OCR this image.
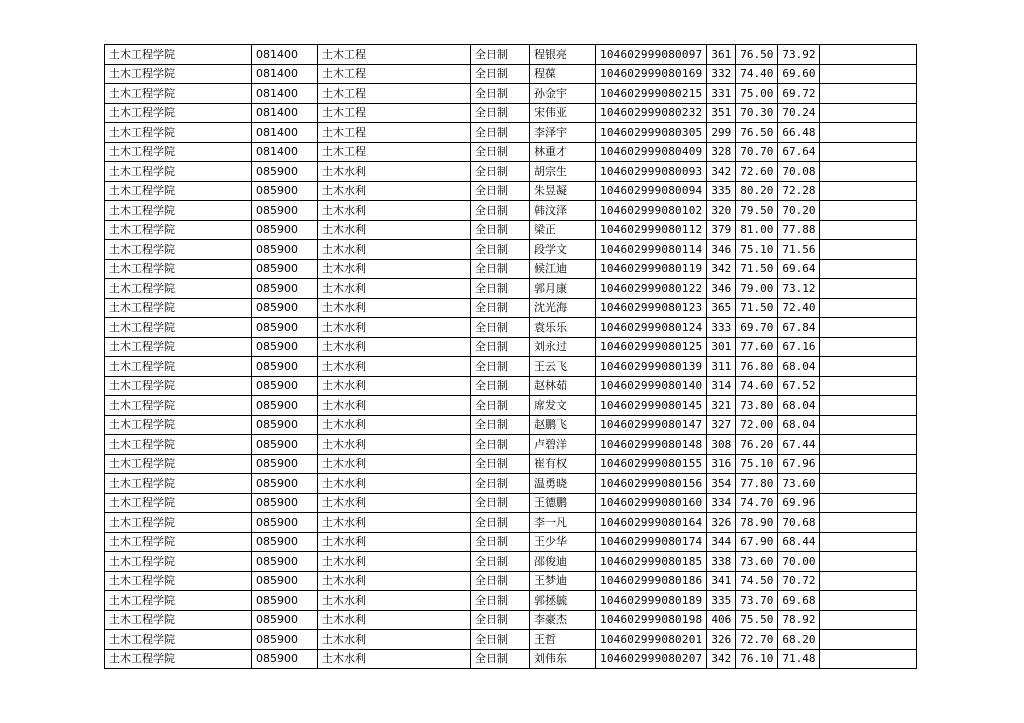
土木工程学院	081400	土木工程	全日制	程银亮	104602999080097	361	76.50	73.92	
土木工程学院	081400	土木工程	全日制	程葆	104602999080169	332	74.40	69.60	
土木工程学院	081400	土木工程	全日制	孙金宇	104602999080215	331	75.00	69.72	
土木工程学院	081400	土木工程	全日制	宋伟亚	104602999080232	351	70.30	70.24	
土木工程学院	081400	土木工程	全日制	李泽宇	104602999080305	299	76.50	66.48	
土木工程学院	081400	土木工程	全日制	林重才	104602999080409	328	70.70	67.64	
土木工程学院	085900	土木水利	全日制	胡宗生	104602999080093	342	72.60	70.08	
土木工程学院	085900	土木水利	全日制	朱昱凝	104602999080094	335	80.20	72.28	
土木工程学院	085900	土木水利	全日制	韩汶泽	104602999080102	320	79.50	70.20	
土木工程学院	085900	土木水利	全日制	梁正	104602999080112	379	81.00	77.88	
土木工程学院	085900	土木水利	全日制	段学文	104602999080114	346	75.10	71.56	
土木工程学院	085900	土木水利	全日制	候江迪	104602999080119	342	71.50	69.64	
土木工程学院	085900	土木水利	全日制	郭月康	104602999080122	346	79.00	73.12	
土木工程学院	085900	土木水利	全日制	沈光海	104602999080123	365	71.50	72.40	
土木工程学院	085900	土木水利	全日制	袁乐乐	104602999080124	333	69.70	67.84	
土木工程学院	085900	土木水利	全日制	刘永过	104602999080125	301	77.60	67.16	
土木工程学院	085900	土木水利	全日制	王云飞	104602999080139	311	76.80	68.04	
土木工程学院	085900	土木水利	全日制	赵林茹	104602999080140	314	74.60	67.52	
土木工程学院	085900	土木水利	全日制	席发文	104602999080145	321	73.80	68.04	
土木工程学院	085900	土木水利	全日制	赵鹏飞	104602999080147	327	72.00	68.04	
土木工程学院	085900	土木水利	全日制	卢碧洋	104602999080148	308	76.20	67.44	
土木工程学院	085900	土木水利	全日制	崔有权	104602999080155	316	75.10	67.96	
土木工程学院	085900	土木水利	全日制	温勇晓	104602999080156	354	77.80	73.60	
土木工程学院	085900	土木水利	全日制	王德鹏	104602999080160	334	74.70	69.96	
土木工程学院	085900	土木水利	全日制	李一凡	104602999080164	326	78.90	70.68	
土木工程学院	085900	土木水利	全日制	王少华	104602999080174	344	67.90	68.44	
土木工程学院	085900	土木水利	全日制	邵俊迪	104602999080185	338	73.60	70.00	
土木工程学院	085900	土木水利	全日制	王梦迪	104602999080186	341	74.50	70.72	
土木工程学院	085900	土木水利	全日制	郭拯毓	104602999080189	335	73.70	69.68	
土木工程学院	085900	土木水利	全日制	李豪杰	104602999080198	406	75.50	78.92	
土木工程学院	085900	土木水利	全日制	王哲	104602999080201	326	72.70	68.20	
土木工程学院	085900	土木水利	全日制	刘伟东	104602999080207	342	76.10	71.48	
